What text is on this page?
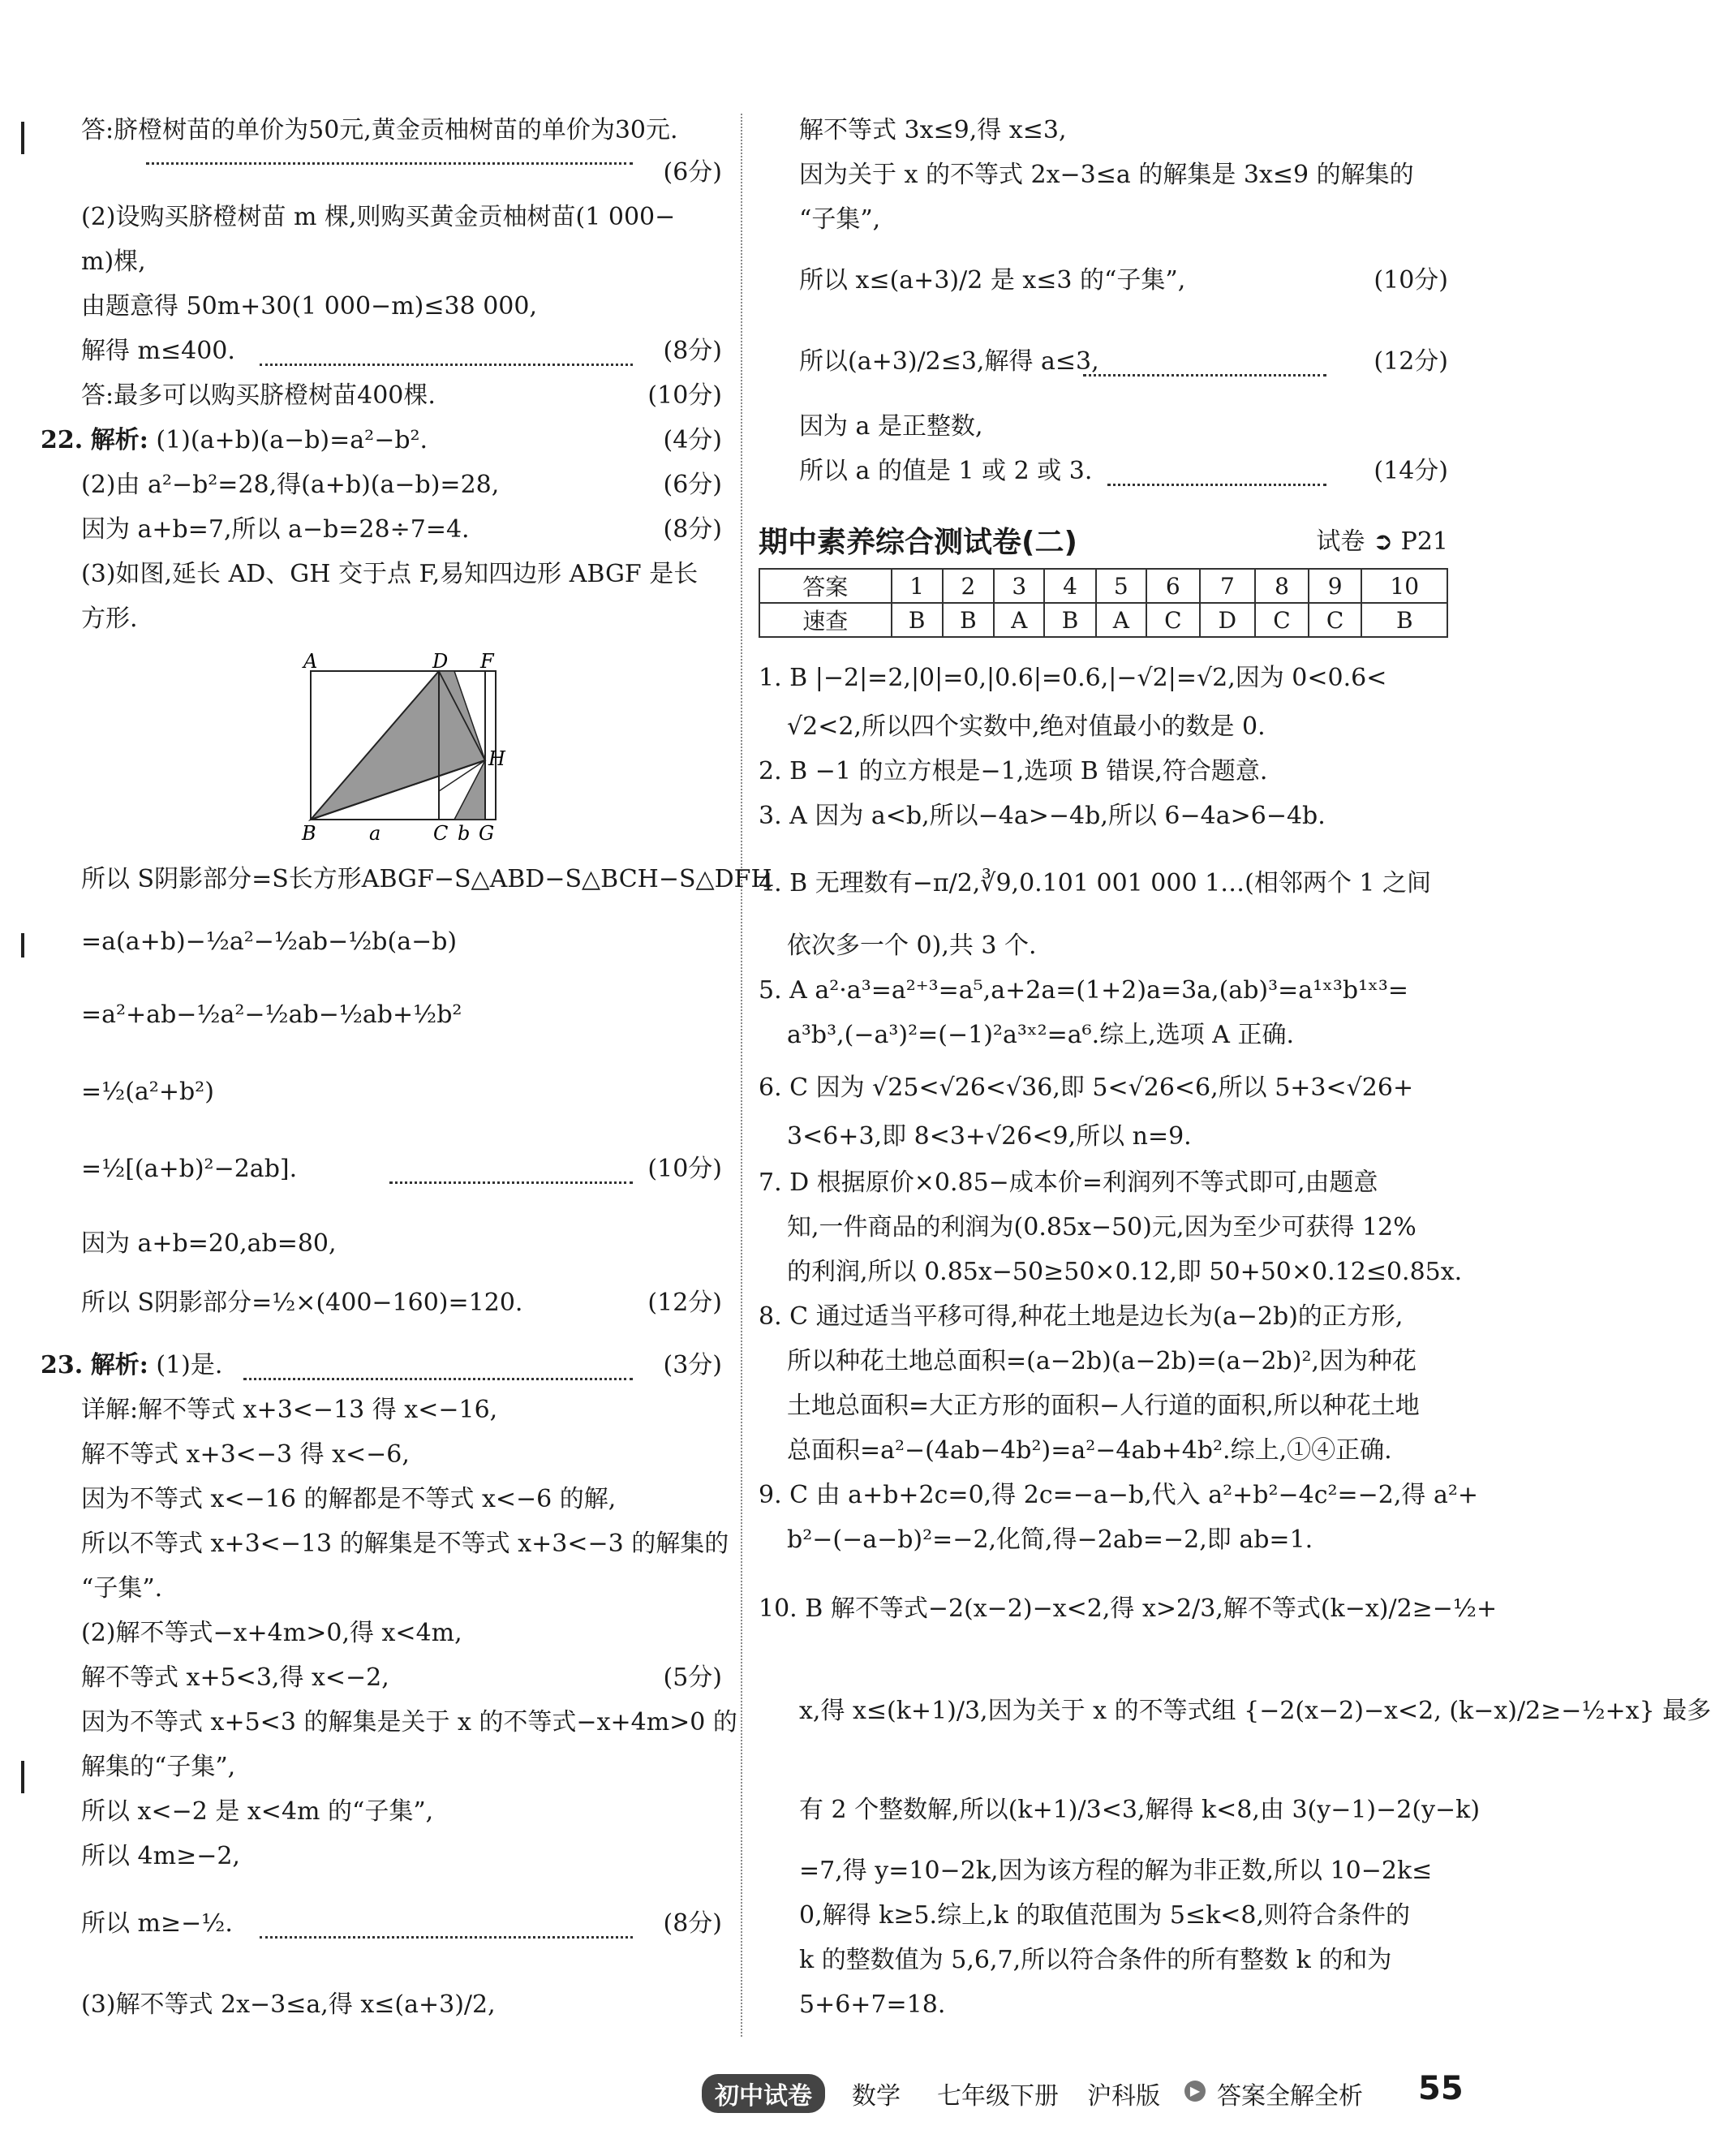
答:脐橙树苗的单价为50元,黄金贡柚树苗的单价为30元.
(6分)
(2)设购买脐橙树苗 m 棵,则购买黄金贡柚树苗(1 000−
m)棵,
由题意得 50m+30(1 000−m)≤38 000,
解得 m≤400.	(8分)
答:最多可以购买脐橙树苗400棵.	(10分)
22. 解析: (1)(a+b)(a−b)=a²−b².	(4分)
(2)由 a²−b²=28,得(a+b)(a−b)=28,	(6分)
因为 a+b=7,所以 a−b=28÷7=4.	(8分)
(3)如图,延长 AD、GH 交于点 F,易知四边形 ABGF 是长
方形.
A	D F
H
B	a	C b G
所以 S阴影部分=S长方形ABGF−S△ABD−S△BCH−S△DFH
=a(a+b)−½a²−½ab−½b(a−b)
=a²+ab−½a²−½ab−½ab+½b²
=½(a²+b²)
=½[(a+b)²−2ab].	(10分)
因为 a+b=20,ab=80,
所以 S阴影部分=½×(400−160)=120.	(12分)
23. 解析: (1)是.	(3分)
详解:解不等式 x+3<−13 得 x<−16,
解不等式 x+3<−3 得 x<−6,
因为不等式 x<−16 的解都是不等式 x<−6 的解,
所以不等式 x+3<−13 的解集是不等式 x+3<−3 的解集的
“子集”.
(2)解不等式−x+4m>0,得 x<4m,
解不等式 x+5<3,得 x<−2,	(5分)
因为不等式 x+5<3 的解集是关于 x 的不等式−x+4m>0 的
解集的“子集”,
所以 x<−2 是 x<4m 的“子集”,
所以 4m≥−2,
所以 m≥−½.	(8分)
(3)解不等式 2x−3≤a,得 x≤(a+3)/2,
解不等式 3x≤9,得 x≤3,
因为关于 x 的不等式 2x−3≤a 的解集是 3x≤9 的解集的
“子集”,
所以 x≤(a+3)/2 是 x≤3 的“子集”,	(10分)
所以(a+3)/2≤3,解得 a≤3,	(12分)
因为 a 是正整数,
所以 a 的值是 1 或 2 或 3.	(14分)
期中素养综合测试卷(二)	试卷 ➲ P21
答案	1	2	3	4	5	6	7	8	9	10
速查	B	B	A	B	A	C	D	C	C	B
1. B |−2|=2,|0|=0,|0.6|=0.6,|−√2|=√2,因为 0<0.6<
√2<2,所以四个实数中,绝对值最小的数是 0.
2. B −1 的立方根是−1,选项 B 错误,符合题意.
3. A 因为 a<b,所以−4a>−4b,所以 6−4a>6−4b.
4. B 无理数有−π/2,∛9,0.101 001 000 1…(相邻两个 1 之间
依次多一个 0),共 3 个.
5. A a²·a³=a²⁺³=a⁵,a+2a=(1+2)a=3a,(ab)³=a¹ˣ³b¹ˣ³=
a³b³,(−a³)²=(−1)²a³ˣ²=a⁶.综上,选项 A 正确.
6. C 因为 √25<√26<√36,即 5<√26<6,所以 5+3<√26+
3<6+3,即 8<3+√26<9,所以 n=9.
7. D 根据原价×0.85−成本价=利润列不等式即可,由题意
知,一件商品的利润为(0.85x−50)元,因为至少可获得 12%
的利润,所以 0.85x−50≥50×0.12,即 50+50×0.12≤0.85x.
8. C 通过适当平移可得,种花土地是边长为(a−2b)的正方形,
所以种花土地总面积=(a−2b)(a−2b)=(a−2b)²,因为种花
土地总面积=大正方形的面积−人行道的面积,所以种花土地
总面积=a²−(4ab−4b²)=a²−4ab+4b².综上,①④正确.
9. C 由 a+b+2c=0,得 2c=−a−b,代入 a²+b²−4c²=−2,得 a²+
b²−(−a−b)²=−2,化简,得−2ab=−2,即 ab=1.
10. B 解不等式−2(x−2)−x<2,得 x>2/3,解不等式(k−x)/2≥−½+
x,得 x≤(k+1)/3,因为关于 x 的不等式组 {−2(x−2)−x<2, (k−x)/2≥−½+x} 最多
有 2 个整数解,所以(k+1)/3<3,解得 k<8,由 3(y−1)−2(y−k)
=7,得 y=10−2k,因为该方程的解为非正数,所以 10−2k≤
0,解得 k≥5.综上,k 的取值范围为 5≤k<8,则符合条件的
k 的整数值为 5,6,7,所以符合条件的所有整数 k 的和为
5+6+7=18.
初中试卷	数学 七年级下册 沪科版	▶ 答案全解全析 55
